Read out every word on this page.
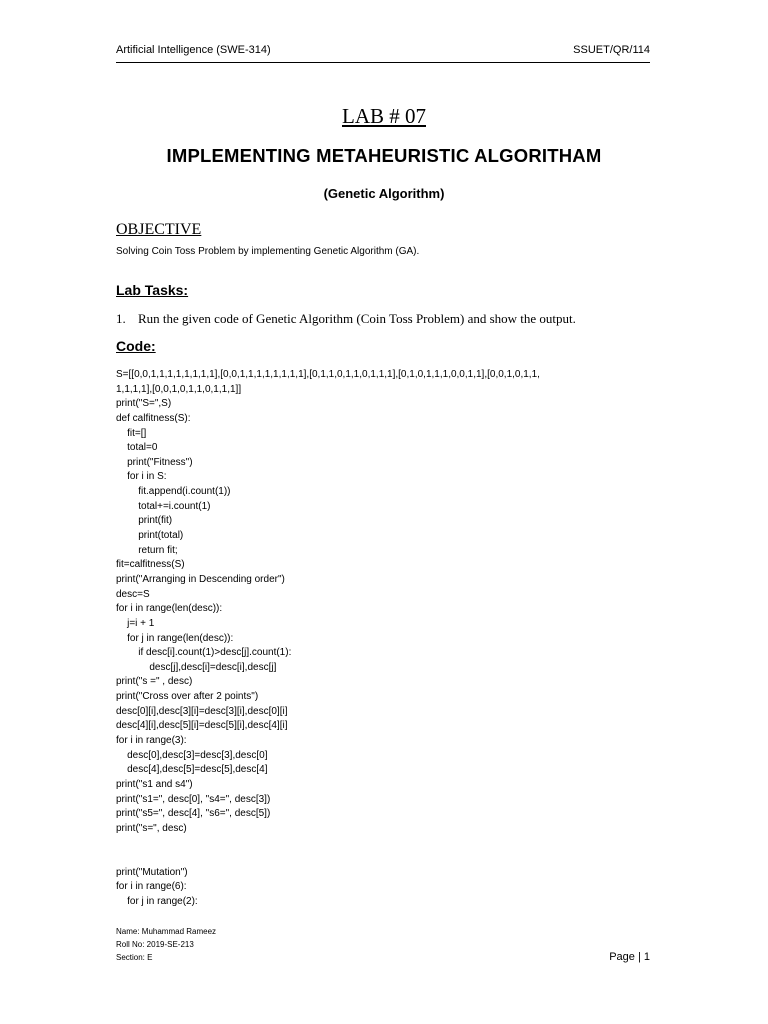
Artificial Intelligence (SWE-314)	SSUET/QR/114
LAB # 07
IMPLEMENTING METAHEURISTIC ALGORITHAM
(Genetic Algorithm)
OBJECTIVE
Solving Coin Toss Problem by implementing Genetic Algorithm (GA).
Lab Tasks:
1. Run the given code of Genetic Algorithm (Coin Toss Problem) and show the output.
Code:
S=[[0,0,1,1,1,1,1,1,1,1],[0,0,1,1,1,1,1,1,1,1],[0,1,1,0,1,1,0,1,1,1],[0,1,0,1,1,1,0,0,1,1],[0,0,1,0,1,1,
1,1,1,1],[0,0,1,0,1,1,0,1,1,1]]
print("S=",S)
def calfitness(S):
fit=[]
total=0
print("Fitness")
for i in S:
fit.append(i.count(1))
total+=i.count(1)
print(fit)
print(total)
return fit;
fit=calfitness(S)
print("Arranging in Descending order")
desc=S
for i in range(len(desc)):
j=i + 1
for j in range(len(desc)):
if desc[i].count(1)>desc[j].count(1):
desc[j],desc[i]=desc[i],desc[j]
print("s =" , desc)
print("Cross over after 2 points")
desc[0][i],desc[3][i]=desc[3][i],desc[0][i]
desc[4][i],desc[5][i]=desc[5][i],desc[4][i]
for i in range(3):
desc[0],desc[3]=desc[3],desc[0]
desc[4],desc[5]=desc[5],desc[4]
print("s1 and s4")
print("s1=", desc[0], "s4=", desc[3])
print("s5=", desc[4], "s6=", desc[5])
print("s=", desc)
print("Mutation")
for i in range(6):
for j in range(2):
Name: Muhammad Rameez
Roll No: 2019-SE-213
Section: E	Page | 1
